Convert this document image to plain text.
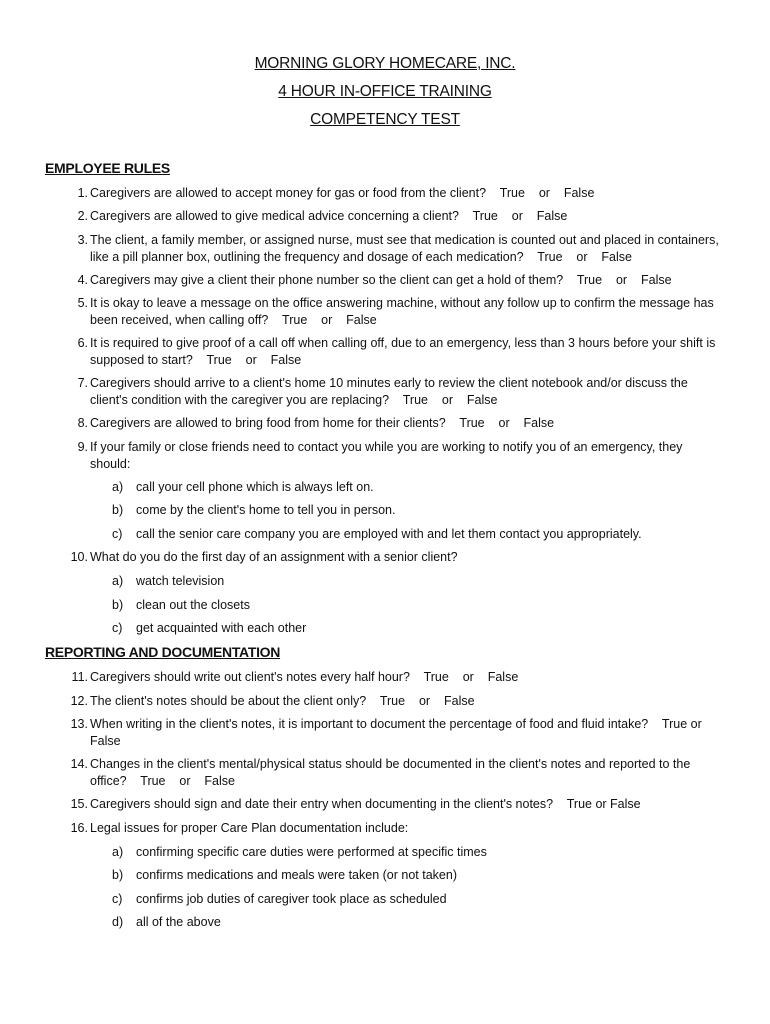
MORNING GLORY HOMECARE, INC.
4 HOUR IN-OFFICE TRAINING
COMPETENCY TEST
EMPLOYEE RULES
1. Caregivers are allowed to accept money for gas or food from the client?    True    or    False
2. Caregivers are allowed to give medical advice concerning a client?    True    or    False
3. The client, a family member, or assigned nurse, must see that medication is counted out and placed in containers, like a pill planner box, outlining the frequency and dosage of each medication?    True    or    False
4. Caregivers may give a client their phone number so the client can get a hold of them?    True    or    False
5. It is okay to leave a message on the office answering machine, without any follow up to confirm the message has been received, when calling off?    True    or    False
6. It is required to give proof of a call off when calling off, due to an emergency, less than 3 hours before your shift is supposed to start?    True    or    False
7. Caregivers should arrive to a client's home 10 minutes early to review the client notebook and/or discuss the client's condition with the caregiver you are replacing?    True    or    False
8. Caregivers are allowed to bring food from home for their clients?    True    or    False
9. If your family or close friends need to contact you while you are working to notify you of an emergency, they should:
a) call your cell phone which is always left on.
b) come by the client's home to tell you in person.
c) call the senior care company you are employed with and let them contact you appropriately.
10. What do you do the first day of an assignment with a senior client?
a) watch television
b) clean out the closets
c) get acquainted with each other
REPORTING AND DOCUMENTATION
11. Caregivers should write out client's notes every half hour?    True    or    False
12. The client's notes should be about the client only?    True    or    False
13. When writing in the client's notes, it is important to document the percentage of food and fluid intake?    True or    False
14. Changes in the client's mental/physical status should be documented in the client's notes and reported to the office?    True    or    False
15. Caregivers should sign and date their entry when documenting in the client's notes?    True or False
16. Legal issues for proper Care Plan documentation include:
a) confirming specific care duties were performed at specific times
b) confirms medications and meals were taken (or not taken)
c) confirms job duties of caregiver took place as scheduled
d) all of the above
